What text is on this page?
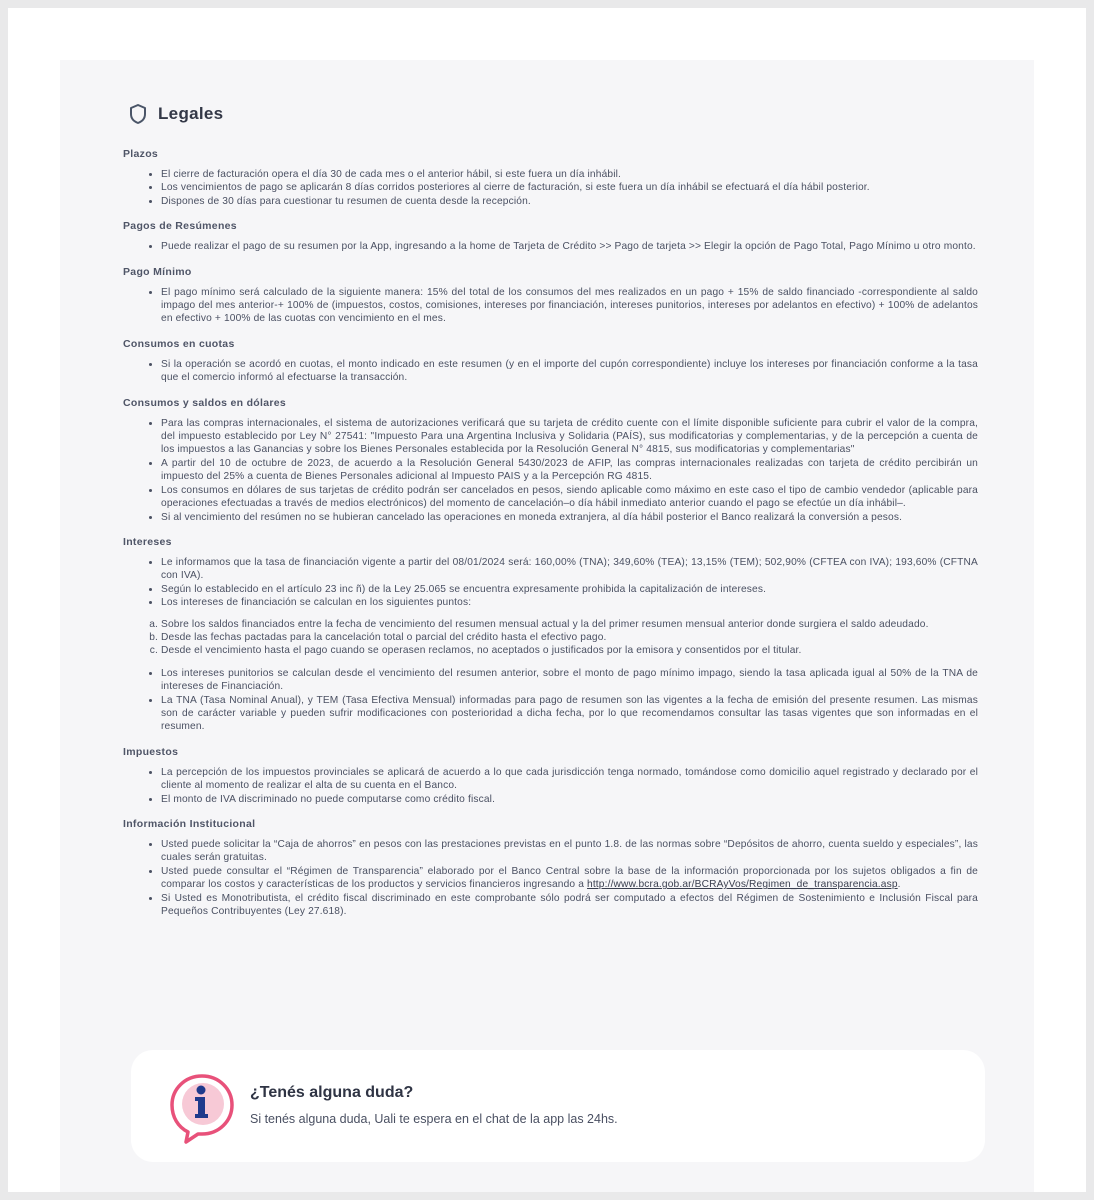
Legales
Plazos
• El cierre de facturación opera el día 30 de cada mes o el anterior hábil, si este fuera un día inhábil.
• Los vencimientos de pago se aplicarán 8 días corridos posteriores al cierre de facturación, si este fuera un día inhábil se efectuará el día hábil posterior.
• Dispones de 30 días para cuestionar tu resumen de cuenta desde la recepción.
Pagos de Resúmenes
• Puede realizar el pago de su resumen por la App, ingresando a la home de Tarjeta de Crédito >> Pago de tarjeta >> Elegir la opción de Pago Total, Pago Mínimo u otro monto.
Pago Mínimo
• El pago mínimo será calculado de la siguiente manera: 15% del total de los consumos del mes realizados en un pago + 15% de saldo financiado -correspondiente al saldo impago del mes anterior-+ 100% de (impuestos, costos, comisiones, intereses por financiación, intereses punitorios, intereses por adelantos en efectivo) + 100% de adelantos en efectivo + 100% de las cuotas con vencimiento en el mes.
Consumos en cuotas
• Si la operación se acordó en cuotas, el monto indicado en este resumen (y en el importe del cupón correspondiente) incluye los intereses por financiación conforme a la tasa que el comercio informó al efectuarse la transacción.
Consumos y saldos en dólares
• Para las compras internacionales, el sistema de autorizaciones verificará que su tarjeta de crédito cuente con el límite disponible suficiente para cubrir el valor de la compra, del impuesto establecido por Ley N° 27541: "Impuesto Para una Argentina Inclusiva y Solidaria (PAÍS), sus modificatorias y complementarias, y de la percepción a cuenta de los impuestos a las Ganancias y sobre los Bienes Personales establecida por la Resolución General N° 4815, sus modificatorias y complementarias"
• A partir del 10 de octubre de 2023, de acuerdo a la Resolución General 5430/2023 de AFIP, las compras internacionales realizadas con tarjeta de crédito percibirán un impuesto del 25% a cuenta de Bienes Personales adicional al Impuesto PAIS y a la Percepción RG 4815.
• Los consumos en dólares de sus tarjetas de crédito podrán ser cancelados en pesos, siendo aplicable como máximo en este caso el tipo de cambio vendedor (aplicable para operaciones efectuadas a través de medios electrónicos) del momento de cancelación–o día hábil inmediato anterior cuando el pago se efectúe un día inhábil–.
• Si al vencimiento del resúmen no se hubieran cancelado las operaciones en moneda extranjera, al día hábil posterior el Banco realizará la conversión a pesos.
Intereses
• Le informamos que la tasa de financiación vigente a partir del 08/01/2024 será: 160,00% (TNA); 349,60% (TEA); 13,15% (TEM); 502,90% (CFTEA con IVA); 193,60% (CFTNA con IVA).
• Según lo establecido en el artículo 23 inc ñ) de la Ley 25.065 se encuentra expresamente prohibida la capitalización de intereses.
• Los intereses de financiación se calculan en los siguientes puntos:
a. Sobre los saldos financiados entre la fecha de vencimiento del resumen mensual actual y la del primer resumen mensual anterior donde surgiera el saldo adeudado.
b. Desde las fechas pactadas para la cancelación total o parcial del crédito hasta el efectivo pago.
c. Desde el vencimiento hasta el pago cuando se operasen reclamos, no aceptados o justificados por la emisora y consentidos por el titular.
• Los intereses punitorios se calculan desde el vencimiento del resumen anterior, sobre el monto de pago mínimo impago, siendo la tasa aplicada igual al 50% de la TNA de intereses de Financiación.
• La TNA (Tasa Nominal Anual), y TEM (Tasa Efectiva Mensual) informadas para pago de resumen son las vigentes a la fecha de emisión del presente resumen. Las mismas son de carácter variable y pueden sufrir modificaciones con posterioridad a dicha fecha, por lo que recomendamos consultar las tasas vigentes que son informadas en el resumen.
Impuestos
• La percepción de los impuestos provinciales se aplicará de acuerdo a lo que cada jurisdicción tenga normado, tomándose como domicilio aquel registrado y declarado por el cliente al momento de realizar el alta de su cuenta en el Banco.
• El monto de IVA discriminado no puede computarse como crédito fiscal.
Información Institucional
• Usted puede solicitar la “Caja de ahorros” en pesos con las prestaciones previstas en el punto 1.8. de las normas sobre “Depósitos de ahorro, cuenta sueldo y especiales”, las cuales serán gratuitas.
• Usted puede consultar el “Régimen de Transparencia” elaborado por el Banco Central sobre la base de la información proporcionada por los sujetos obligados a fin de comparar los costos y características de los productos y servicios financieros ingresando a http://www.bcra.gob.ar/BCRAyVos/Regimen_de_transparencia.asp.
• Si Usted es Monotributista, el crédito fiscal discriminado en este comprobante sólo podrá ser computado a efectos del Régimen de Sostenimiento e Inclusión Fiscal para Pequeños Contribuyentes (Ley 27.618).
¿Tenés alguna duda?
Si tenés alguna duda, Uali te espera en el chat de la app las 24hs.
